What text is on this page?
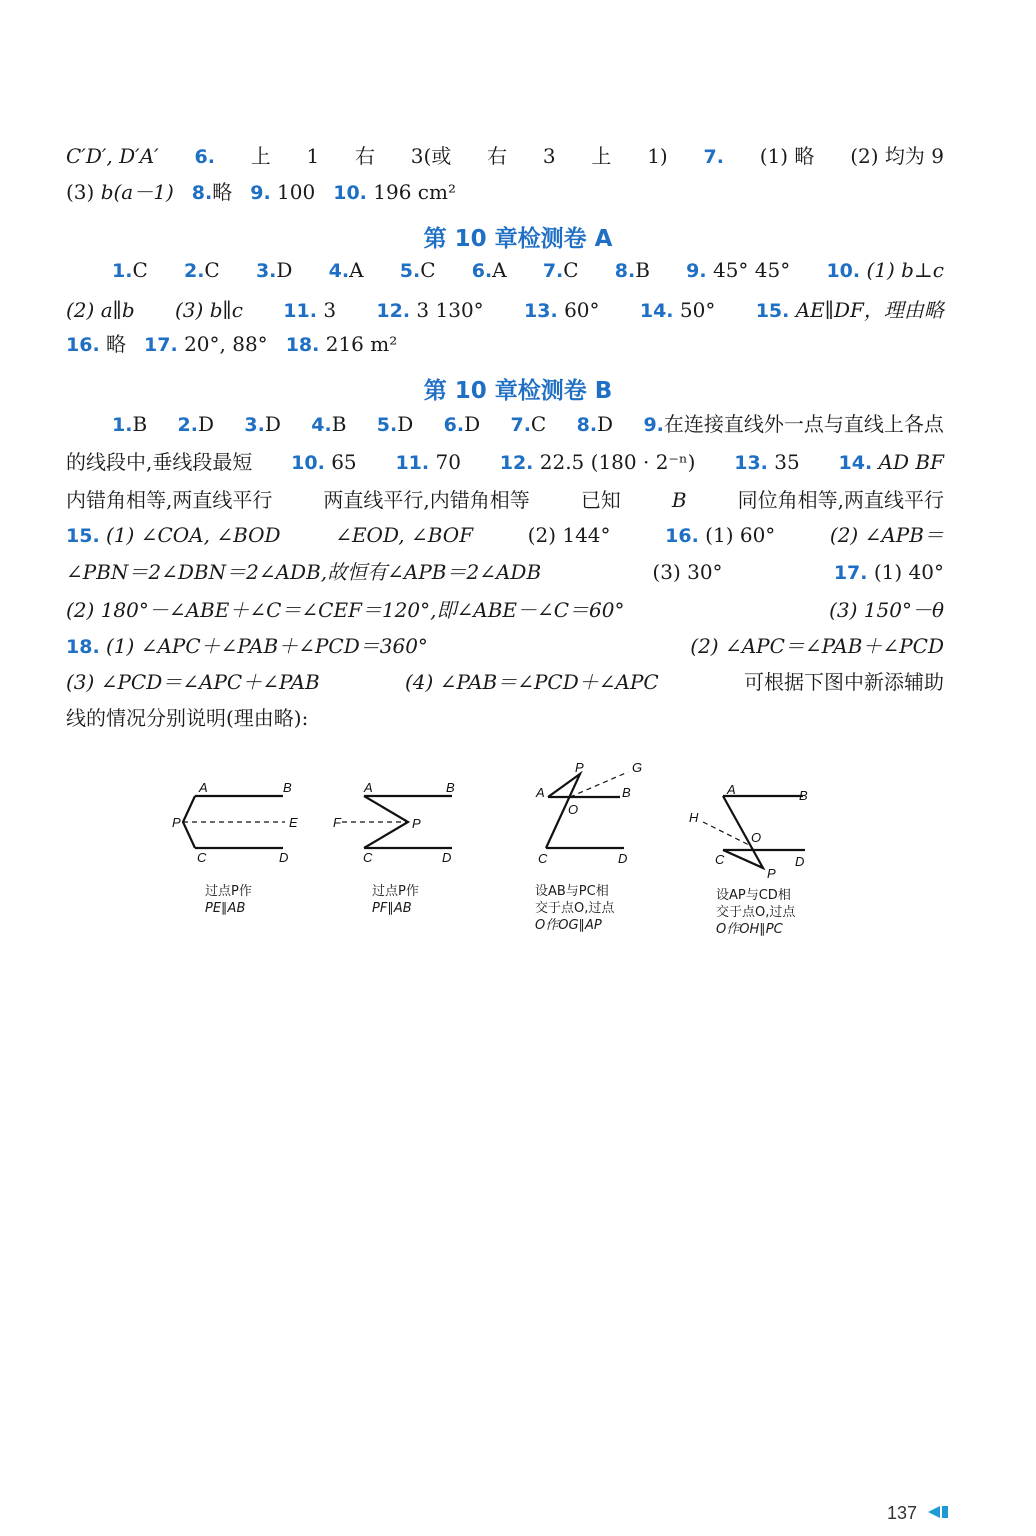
C′D′, D′A′ 6. 上 1 右 3(或 右 3 上 1) 7. (1) 略 (2) 均为 9
(3) b(a－1) 8.略 9. 100 10. 196 cm²
第 10 章检测卷 A
1.C 2.C 3.D 4.A 5.C 6.A 7.C 8.B 9. 45° 45° 10. (1) b⊥c
(2) a∥b (3) b∥c 11. 3 12. 3 130° 13. 60° 14. 50° 15. AE∥DF，理由略
16. 略 17. 20°, 88° 18. 216 m²
第 10 章检测卷 B
1.B 2.D 3.D 4.B 5.D 6.D 7.C 8.D 9.在连接直线外一点与直线上各点
的线段中,垂线段最短 10. 65 11. 70 12. 22.5 (180 · 2⁻ⁿ) 13. 35 14. AD BF
内错角相等,两直线平行	两直线平行,内错角相等	已知	B	同位角相等,两直线平行
15. (1) ∠COA, ∠BOD	∠EOD, ∠BOF	(2) 144°	16. (1) 60°	(2) ∠APB＝
∠PBN＝2∠DBN＝2∠ADB,故恒有∠APB＝2∠ADB	(3) 30°	17. (1) 40°
(2) 180°－∠ABE＋∠C＝∠CEF＝120°,即∠ABE－∠C＝60°	(3) 150°－θ
18. (1) ∠APC＋∠PAB＋∠PCD＝360°	(2) ∠APC＝∠PAB＋∠PCD
(3) ∠PCD＝∠APC＋∠PAB	(4) ∠PAB＝∠PCD＋∠APC	可根据下图中新添辅助
线的情况分别说明(理由略):
A	B
P	E
C	D
过点P作
PE∥AB
A	B
F	P
C	D
过点P作
PF∥AB
P	G
A
O
B
C	D
设AB与PC相
交于点O,过点
O作OG∥AP
A	B
H
O
C	D
P
设AP与CD相
交于点O,过点
O作OH∥PC
137
